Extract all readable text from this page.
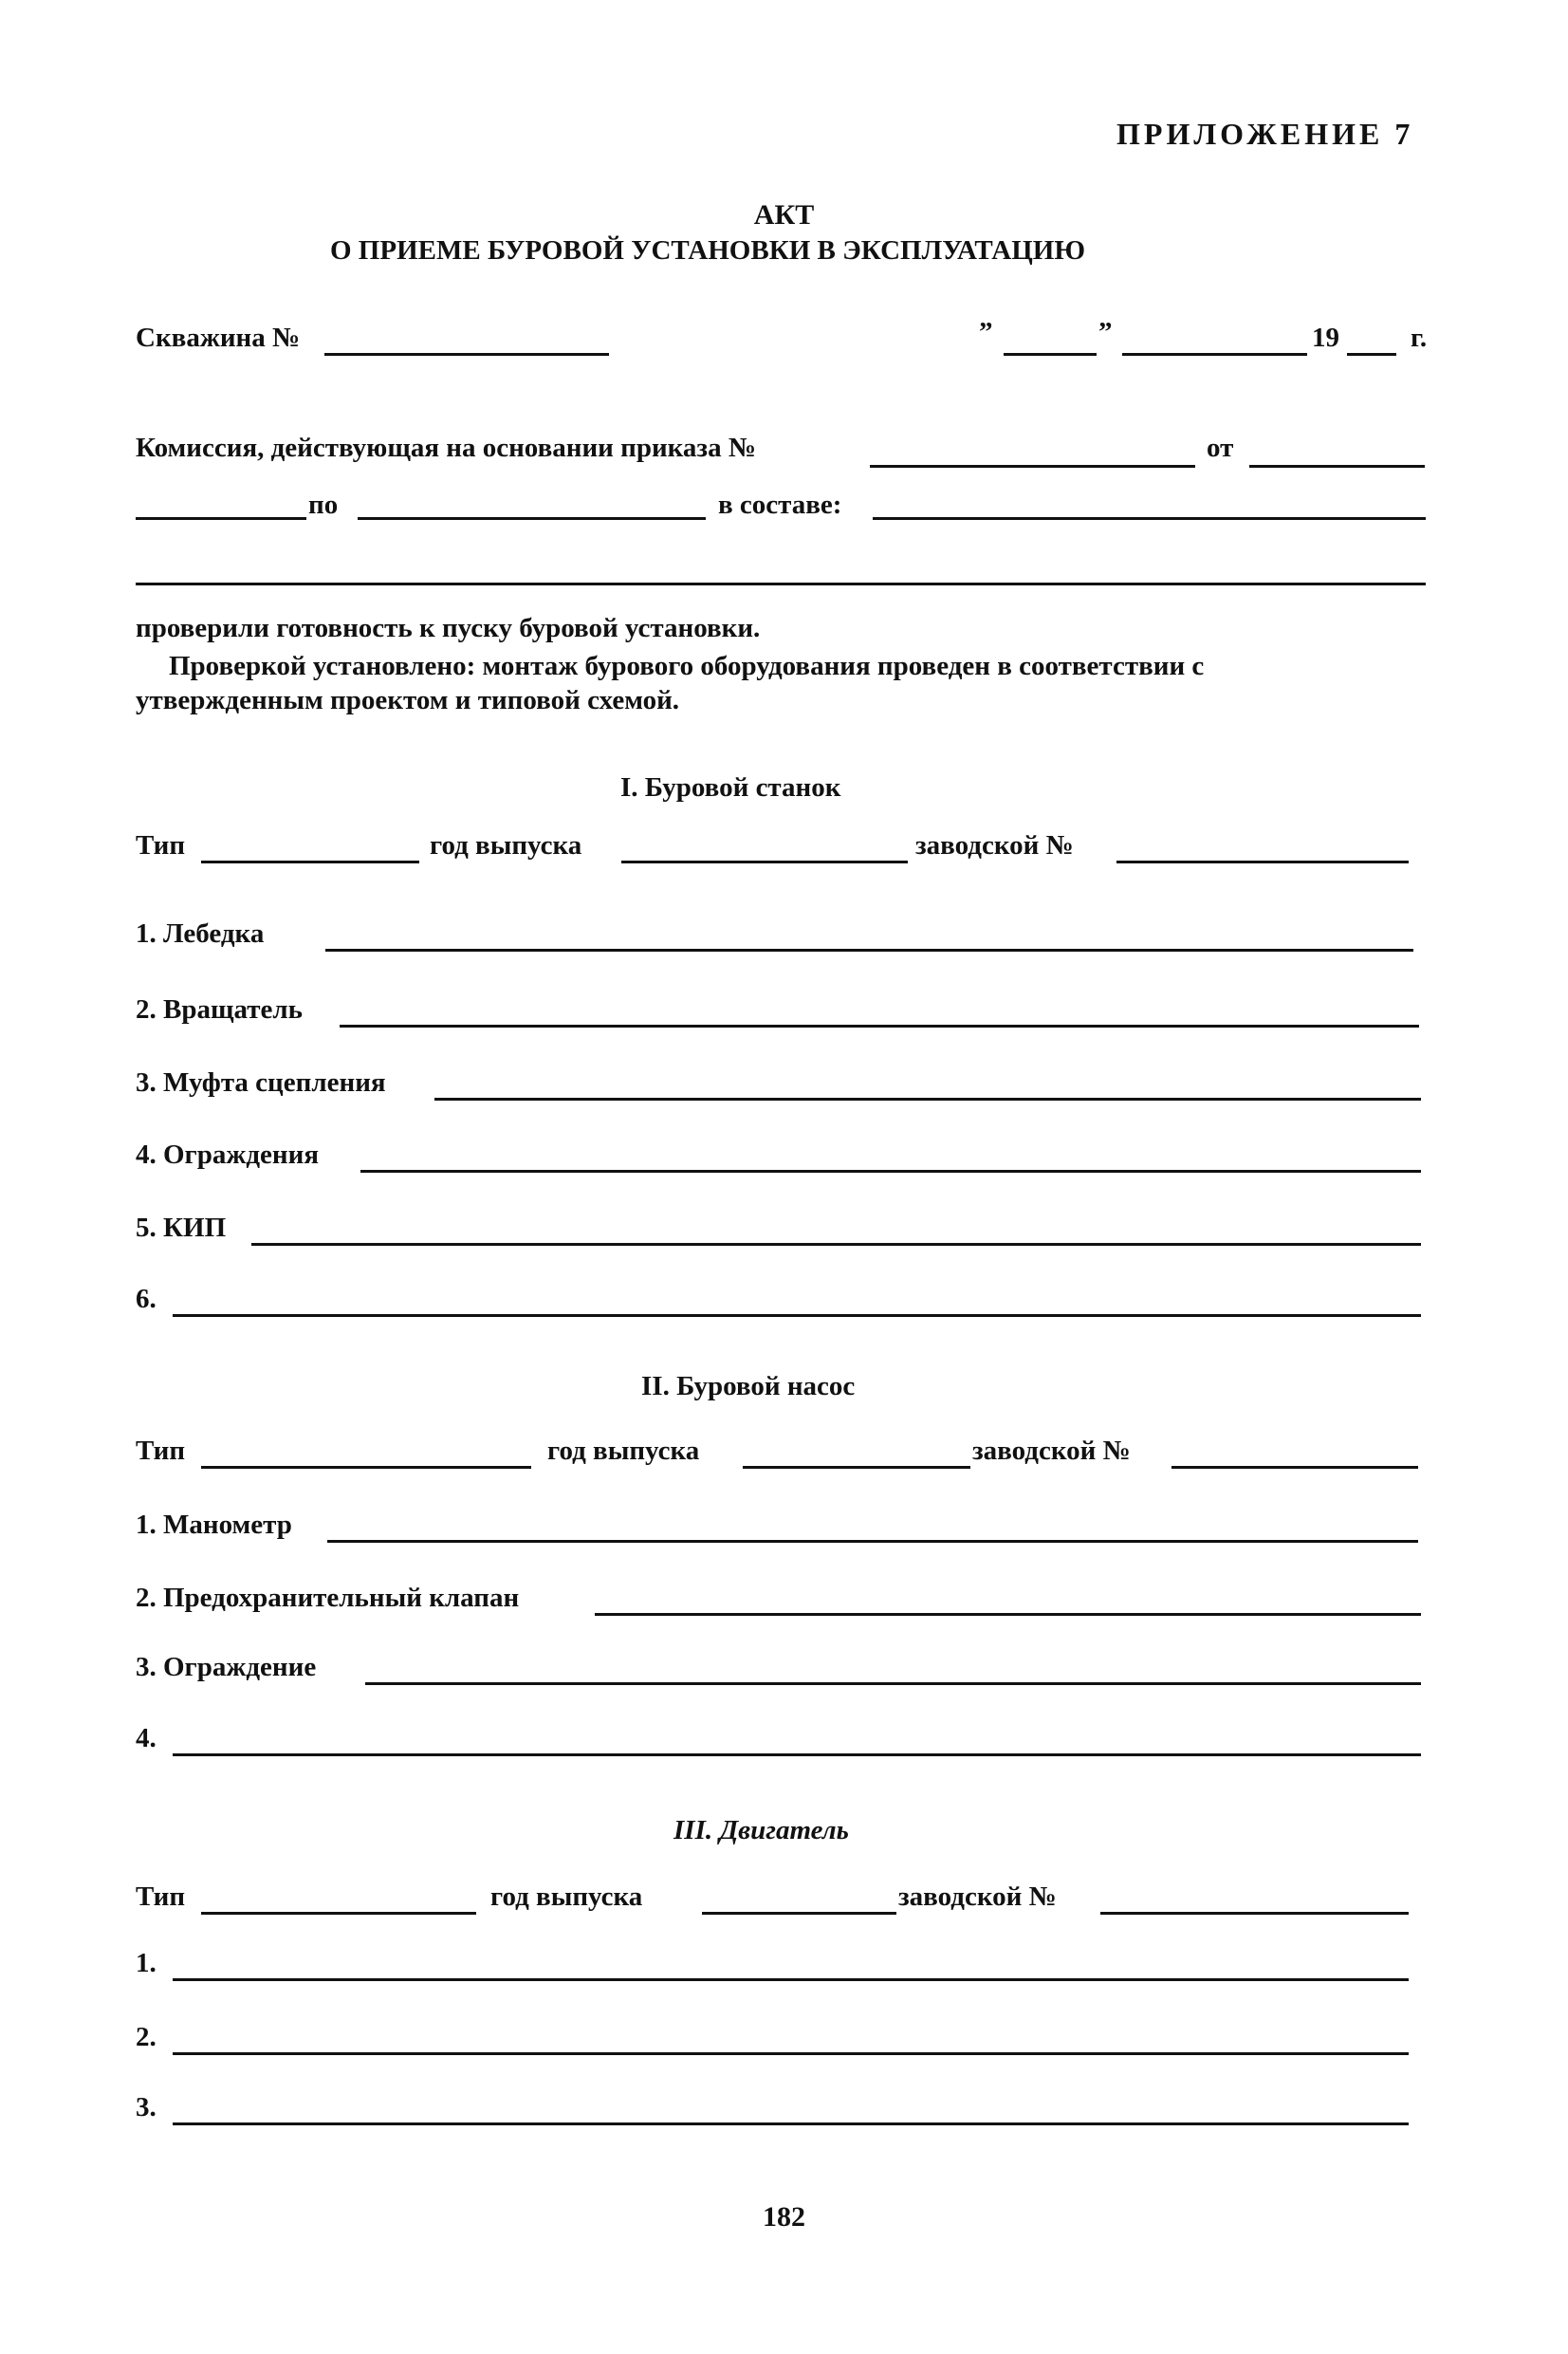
ПРИЛОЖЕНИЕ 7
АКТ
О ПРИЕМЕ БУРОВОЙ УСТАНОВКИ В ЭКСПЛУАТАЦИЮ
Скважина №	”	”	19	г.
Комиссия, действующая на основании приказа №	от
по	в составе:
проверили готовность к пуску буровой установки.
Проверкой установлено: монтаж бурового оборудования проведен в соответствии с
утвержденным проектом и типовой схемой.
I. Буровой станок
Тип	год выпуска	заводской №
1. Лебедка
2. Вращатель
3. Муфта сцепления
4. Ограждения
5. КИП
6.
II. Буровой насос
Тип	год выпуска	заводской №
1. Манометр
2. Предохранительный клапан
3. Ограждение
4.
III. Двигатель
Тип	год выпуска	заводской №
1.
2.
3.
182
